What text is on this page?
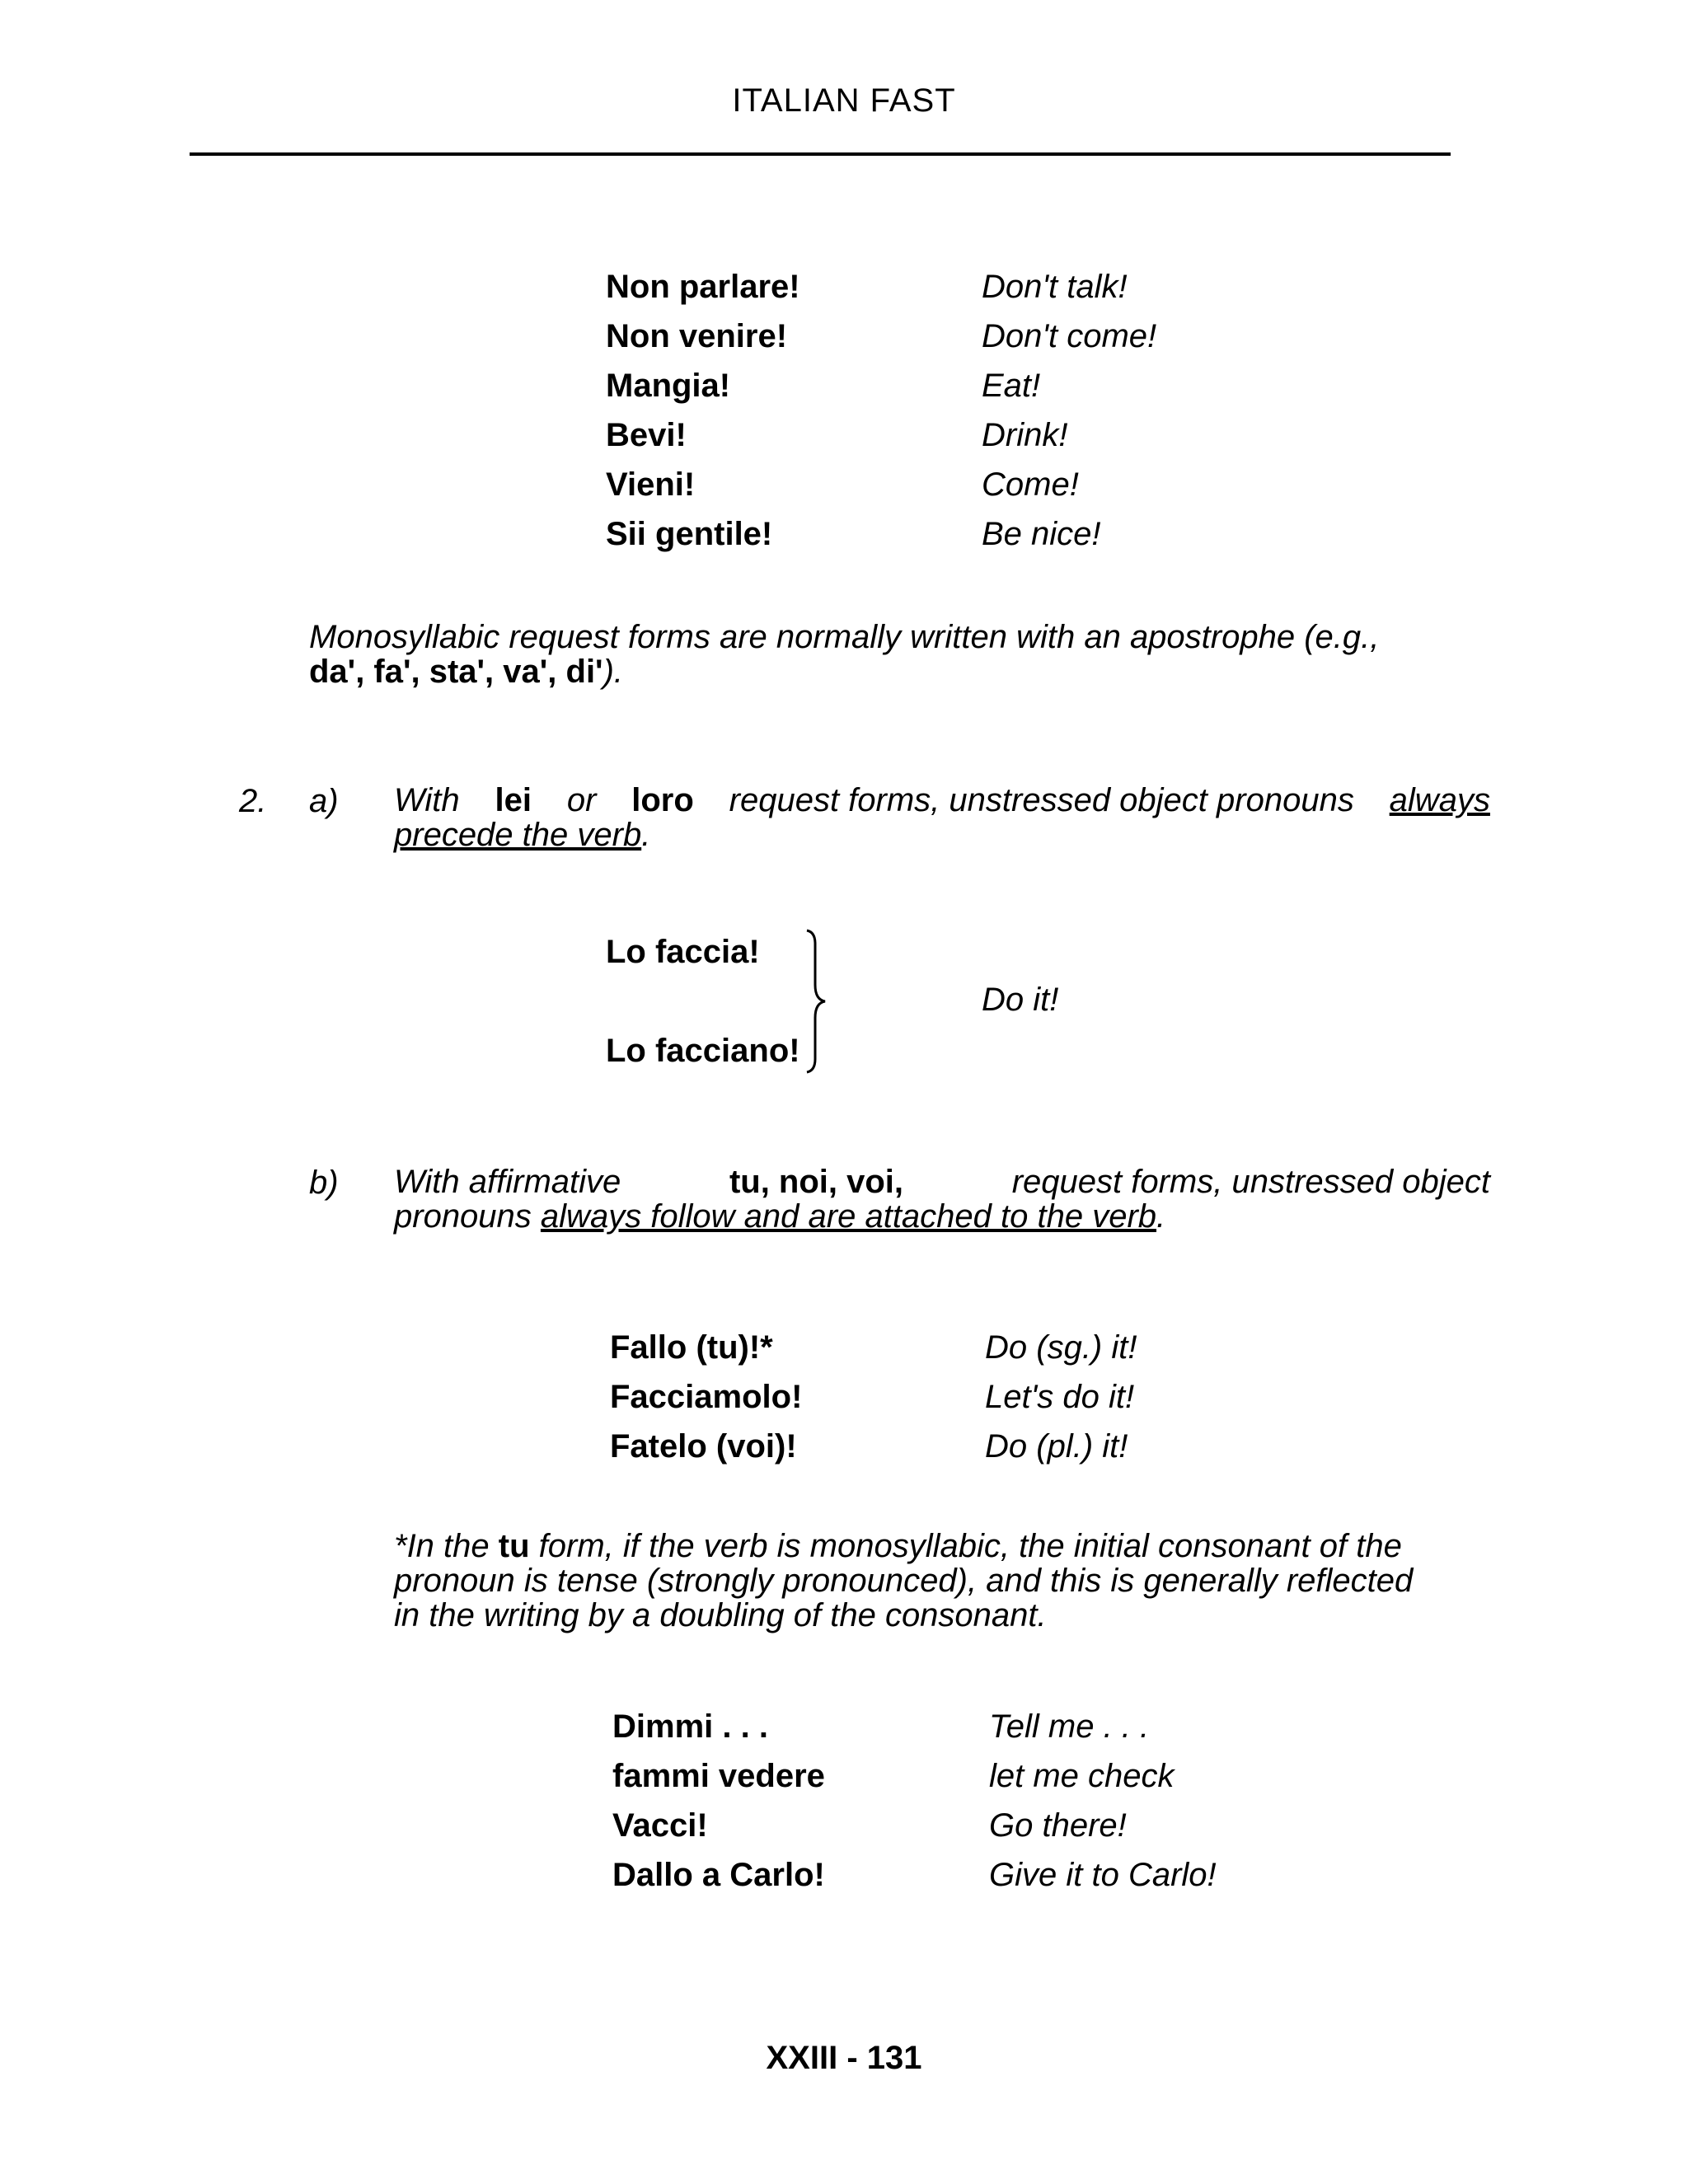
ITALIAN FAST
Non parlare!	Don't talk!
Non venire!	Don't come!
Mangia!	Eat!
Bevi!	Drink!
Vieni!	Come!
Sii gentile!	Be nice!
Monosyllabic request forms are normally written with an apostrophe (e.g.,
da', fa', sta', va', di').
2. a) With lei or loro request forms, unstressed object pronouns always
precede the verb.
Lo faccia!
Lo facciano!
Do it!
b) With affirmative	tu, noi, voi,	request forms, unstressed object
pronouns always follow and are attached to the verb.
Fallo (tu)!*	Do (sg.) it!
Facciamolo!	Let's do it!
Fatelo (voi)!	Do (pl.) it!
*In the tu form, if the verb is monosyllabic, the initial consonant of the
pronoun is tense (strongly pronounced), and this is generally reflected
in the writing by a doubling of the consonant.
Dimmi . . .	Tell me . . .
fammi vedere	let me check
Vacci!	Go there!
Dallo a Carlo!	Give it to Carlo!
XXIII - 131
